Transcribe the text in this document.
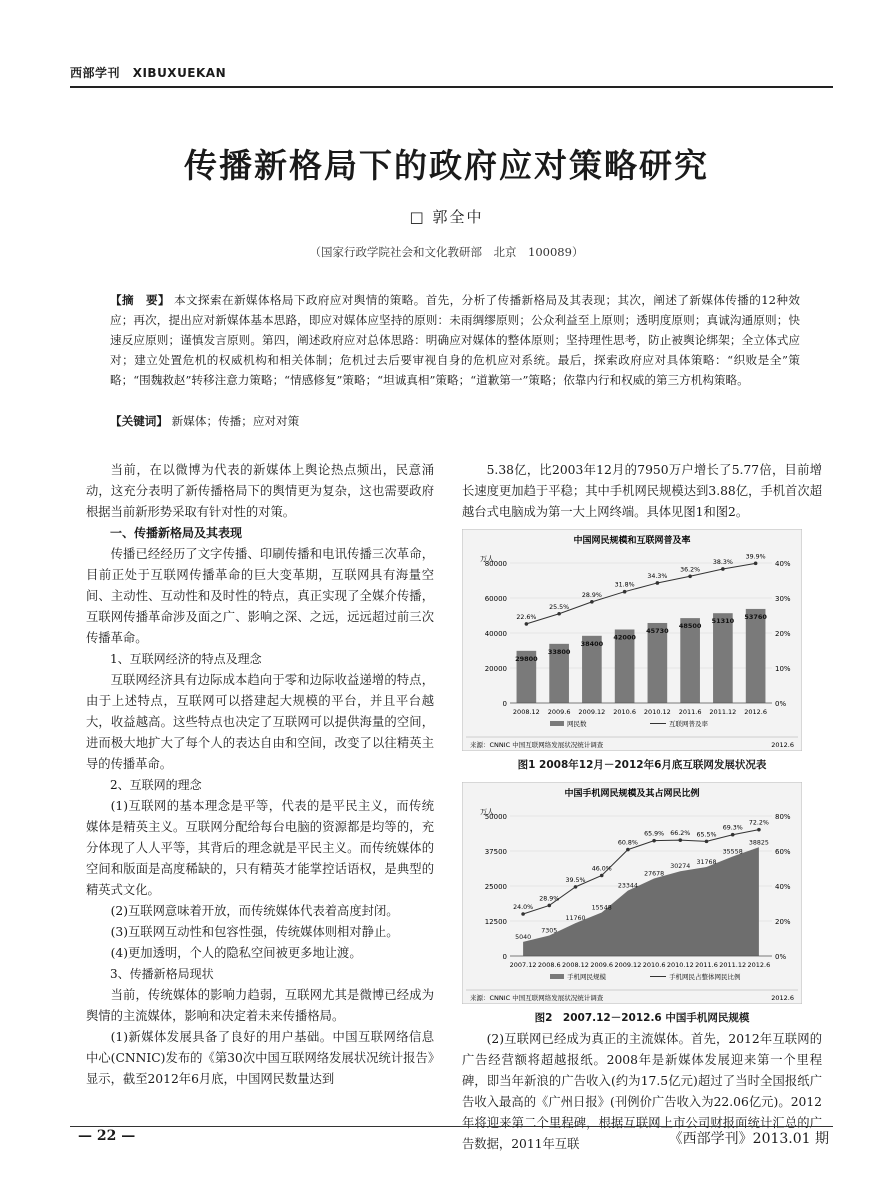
西部学刊 XIBUXUEKAN
传播新格局下的政府应对策略研究
□ 郭全中
（国家行政学院社会和文化教研部　北京　100089）
【摘　要】 本文探索在新媒体格局下政府应对舆情的策略。首先，分析了传播新格局及其表现；其次，阐述了新媒体传播的12种效应；再次，提出应对新媒体基本思路，即应对媒体应坚持的原则：未雨绸缪原则；公众利益至上原则；透明度原则；真诚沟通原则；快速反应原则；谨慎发言原则。第四，阐述政府应对总体思路：明确应对媒体的整体原则；坚持理性思考，防止被舆论绑架；全立体式应对；建立处置危机的权威机构和相关体制；危机过去后要审视自身的危机应对系统。最后，探索政府应对具体策略：“织败是全”策略；“围魏救赵”转移注意力策略；“情感修复”策略；“坦诚真相”策略；“道歉第一”策略；依靠内行和权威的第三方机构策略。
【关键词】 新媒体；传播；应对对策

当前，在以微博为代表的新媒体上舆论热点频出，民意涌动，这充分表明了新传播格局下的舆情更为复杂，这也需要政府根据当前新形势采取有针对性的对策。

一、传播新格局及其表现

传播已经经历了文字传播、印刷传播和电讯传播三次革命，目前正处于互联网传播革命的巨大变革期，互联网具有海量空间、主动性、互动性和及时性的特点，真正实现了全媒介传播，互联网传播革命涉及面之广、影响之深、之远，远远超过前三次传播革命。

1、互联网经济的特点及理念

互联网经济具有边际成本趋向于零和边际收益递增的特点，由于上述特点，互联网可以搭建起大规模的平台，并且平台越大，收益越高。这些特点也决定了互联网可以提供海量的空间，进而极大地扩大了每个人的表达自由和空间，改变了以往精英主导的传播革命。

2、互联网的理念

(1)互联网的基本理念是平等，代表的是平民主义，而传统媒体是精英主义。互联网分配给每台电脑的资源都是均等的，充分体现了人人平等，其背后的理念就是平民主义。而传统媒体的空间和版面是高度稀缺的，只有精英才能掌控话语权，是典型的精英式文化。

(2)互联网意味着开放，而传统媒体代表着高度封闭。

(3)互联网互动性和包容性强，传统媒体则相对静止。

(4)更加透明，个人的隐私空间被更多地让渡。

3、传播新格局现状

当前，传统媒体的影响力趋弱，互联网尤其是微博已经成为舆情的主流媒体，影响和决定着未来传播格局。

(1)新媒体发展具备了良好的用户基础。中国互联网络信息中心(CNNIC)发布的《第30次中国互联网络发展状况统计报告》显示，截至2012年6月底，中国网民数量达到

5.38亿，比2003年12月的7950万户增长了5.77倍，目前增长速度更加趋于平稳；其中手机网民规模达到3.88亿，手机首次超越台式电脑成为第一大上网终端。具体见图1和图2。

中国网民规模和互联网普及率
万人
0
20000
40000
60000
80000
0%
10%
20%
30%
40%
29800
33800
38400
42000
45730
48500
51310
53760
22.6%
25.5%
28.9%
31.8%
34.3%
36.2%
38.3%
39.9%
2008.12 2009.6 2009.12 2010.6 2010.12 2011.6 2011.12 2012.6
网民数	互联网普及率
来源：CNNIC 中国互联网络发展状况统计调查	2012.6

图1 2008年12月－2012年6月底互联网发展状况表

中国手机网民规模及其占网民比例
万人
0
12500
25000
37500
50000
0%
20%
40%
60%
80%
5040
7305
11760
15548
23344
27678
30274
31768
35558
38825
24.0%
28.9%
39.5%
46.0%
60.8%
65.9% 66.2% 65.5%
69.3%
72.2%
2007.12 2008.6 2008.12 2009.6 2009.12 2010.6 2010.12 2011.6 2011.12 2012.6
手机网民规模	手机网民占整体网民比例
来源：CNNIC 中国互联网络发展状况统计调查	2012.6

图2　2007.12－2012.6 中国手机网民规模

(2)互联网已经成为真正的主流媒体。首先，2012年互联网的广告经营额将超越报纸。2008年是新媒体发展迎来第一个里程碑，即当年新浪的广告收入(约为17.5亿元)超过了当时全国报纸广告收入最高的《广州日报》(刊例价广告收入为22.06亿元)。2012年将迎来第二个里程碑，根据互联网上市公司财报面统计汇总的广告数据，2011年互联

— 22 —	《西部学刊》2013.01 期
